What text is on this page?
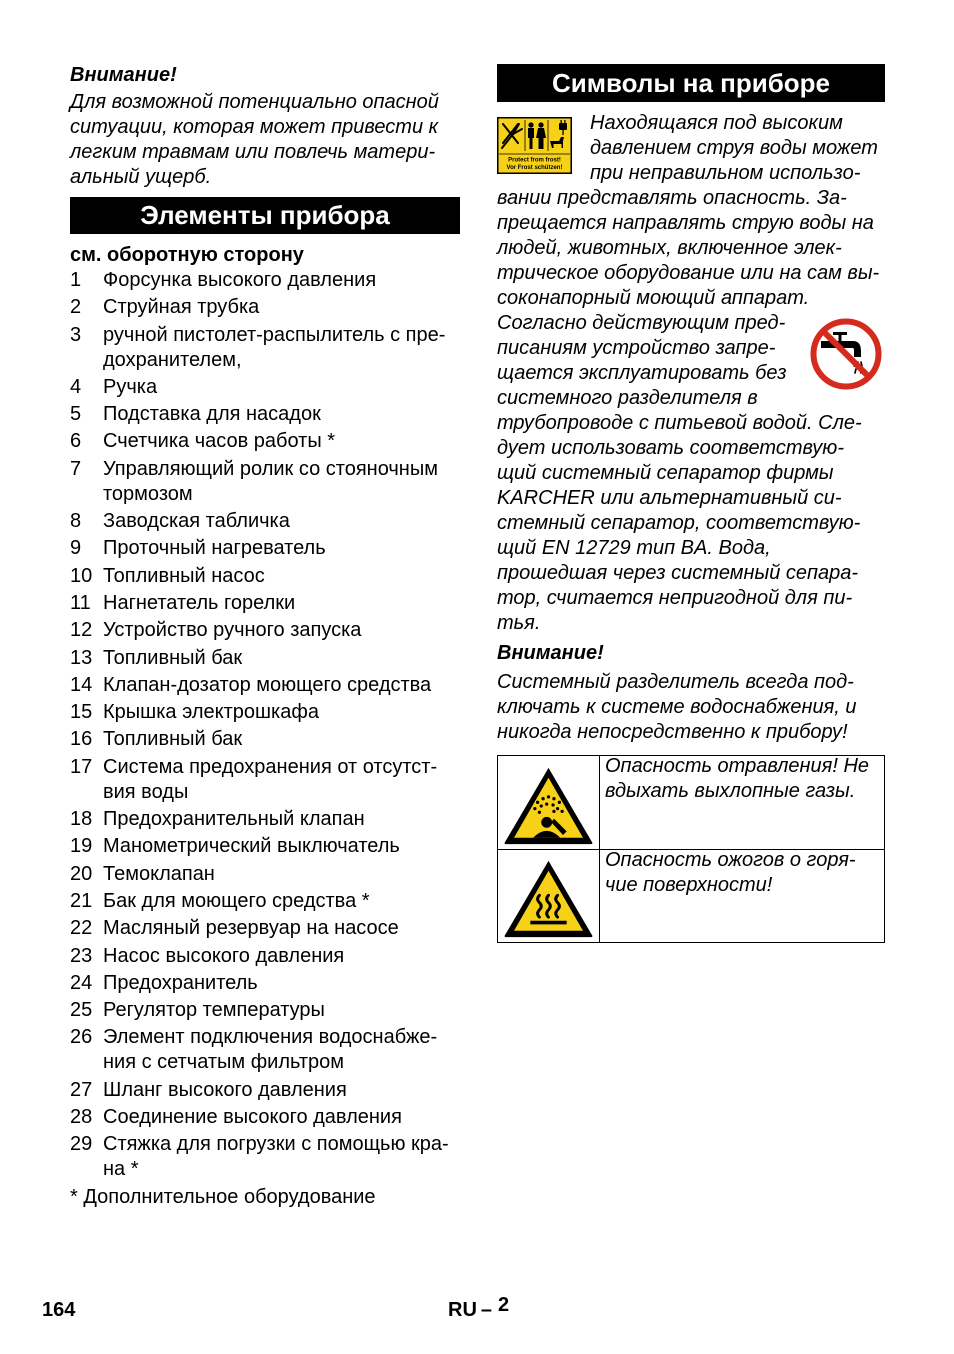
Внимание!
Для возможной потенциально опасной
ситуации, которая может привести к
легким травмам или повлечь матери-
альный ущерб.
Элементы прибора
см. оборотную сторону
1	Форсунка высокого давления
2	Струйная трубка
3	ручной пистолет-распылитель с пре-
дохранителем,
4	Ручка
5	Подставка для насадок
6	Счетчика часов работы *
7	Управляющий ролик со стояночным
тормозом
8	Заводская табличка
9	Проточный нагреватель
10 Топливный насос
11 Нагнетатель горелки
12 Устройство ручного запуска
13 Топливный бак
14 Клапан-дозатор моющего средства
15 Крышка электрошкафа
16 Топливный бак
17 Система предохранения от отсутст-
вия воды
18 Предохранительный клапан
19 Манометрический выключатель
20 Темоклапан
21 Бак для моющего средства *
22 Масляный резервуар на насосе
23 Насос высокого давления
24 Предохранитель
25 Регулятор температуры
26 Элемент подключения водоснабже-
ния с сетчатым фильтром
27 Шланг высокого давления
28 Соединение высокого давления
29 Стяжка для погрузки с помощью кра-
на *
* Дополнительное оборудование
Символы на приборе
Protect from frost!
Vor Frost schützen!
Находящаяся под высоким
давлением струя воды может
при неправильном использо-
вании представлять опасность. За-
прещается направлять струю воды на
людей, животных, включенное элек-
трическое оборудование или на сам вы-
соконапорный моющий аппарат.
Согласно действующим пред-
писаниям устройство запре-
щается эксплуатировать без
системного разделителя в
трубопроводе с питьевой водой. Сле-
дует использовать соответствую-
щий системный сепаратор фирмы
KARCHER или альтернативный си-
стемный сепаратор, соответствую-
щий EN 12729 тип BA. Вода,
прошедшая через системный сепара-
тор, считается непригодной для пи-
тья.
Внимание!
Системный разделитель всегда под-
ключать к системе водоснабжения, и
никогда непосредственно к прибору!
Опасность отравления! Не
вдыхать выхлопные газы.
Опасность ожогов о горя-
чие поверхности!
164	RU – 2
